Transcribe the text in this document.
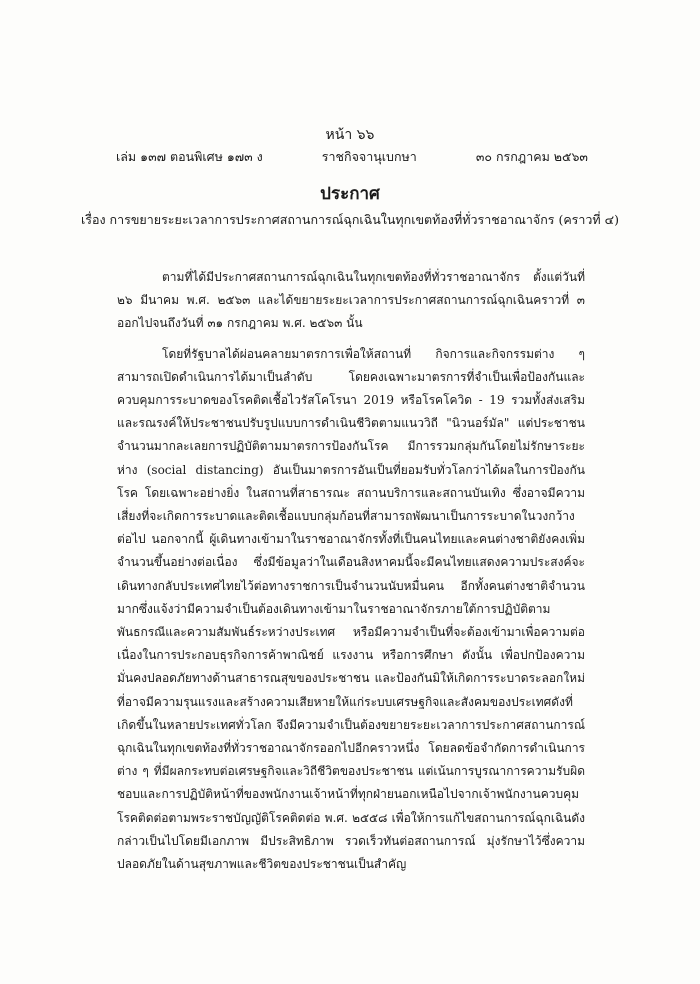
หน้า ๖๖
เล่ม ๑๓๗ ตอนพิเศษ ๑๗๓ ง	ราชกิจจานุเบกษา	๓๐ กรกฎาคม ๒๕๖๓
ประกาศ
เรื่อง การขยายระยะเวลาการประกาศสถานการณ์ฉุกเฉินในทุกเขตท้องที่ทั่วราชอาณาจักร (คราวที่ ๔)

ตามที่ได้มีประกาศสถานการณ์ฉุกเฉินในทุกเขตท้องที่ทั่วราชอาณาจักร ตั้งแต่วันที่ ๒๖ มีนาคม พ.ศ. ๒๕๖๓ และได้ขยายระยะเวลาการประกาศสถานการณ์ฉุกเฉินคราวที่ ๓ ออกไปจนถึงวันที่ ๓๑ กรกฎาคม พ.ศ. ๒๕๖๓ นั้น

โดยที่รัฐบาลได้ผ่อนคลายมาตรการเพื่อให้สถานที่ กิจการและกิจกรรมต่าง ๆ สามารถเปิดดำเนินการได้มาเป็นลำดับ โดยคงเฉพาะมาตรการที่จำเป็นเพื่อป้องกันและควบคุมการระบาดของโรคติดเชื้อไวรัสโคโรนา 2019 หรือโรคโควิด - 19 รวมทั้งส่งเสริมและรณรงค์ให้ประชาชนปรับรูปแบบการดำเนินชีวิตตามแนววิถี "นิวนอร์มัล" แต่ประชาชนจำนวนมากละเลยการปฏิบัติตามมาตรการป้องกันโรค มีการรวมกลุ่มกันโดยไม่รักษาระยะห่าง (social distancing) อันเป็นมาตรการอันเป็นที่ยอมรับทั่วโลกว่าได้ผลในการป้องกันโรค โดยเฉพาะอย่างยิ่ง ในสถานที่สาธารณะ สถานบริการและสถานบันเทิง ซึ่งอาจมีความเสี่ยงที่จะเกิดการระบาดและติดเชื้อแบบกลุ่มก้อนที่สามารถพัฒนาเป็นการระบาดในวงกว้างต่อไป นอกจากนี้ ผู้เดินทางเข้ามาในราชอาณาจักรทั้งที่เป็นคนไทยและคนต่างชาติยังคงเพิ่มจำนวนขึ้นอย่างต่อเนื่อง ซึ่งมีข้อมูลว่าในเดือนสิงหาคมนี้จะมีคนไทยแสดงความประสงค์จะเดินทางกลับประเทศไทยไว้ต่อทางราชการเป็นจำนวนนับหมื่นคน อีกทั้งคนต่างชาติจำนวนมากซึ่งแจ้งว่ามีความจำเป็นต้องเดินทางเข้ามาในราชอาณาจักรภายใต้การปฏิบัติตามพันธกรณีและความสัมพันธ์ระหว่างประเทศ หรือมีความจำเป็นที่จะต้องเข้ามาเพื่อความต่อเนื่องในการประกอบธุรกิจการค้าพาณิชย์ แรงงาน หรือการศึกษา ดังนั้น เพื่อปกป้องความมั่นคงปลอดภัยทางด้านสาธารณสุขของประชาชน และป้องกันมิให้เกิดการระบาดระลอกใหม่ที่อาจมีความรุนแรงและสร้างความเสียหายให้แก่ระบบเศรษฐกิจและสังคมของประเทศดังที่เกิดขึ้นในหลายประเทศทั่วโลก จึงมีความจำเป็นต้องขยายระยะเวลาการประกาศสถานการณ์ฉุกเฉินในทุกเขตท้องที่ทั่วราชอาณาจักรออกไปอีกคราวหนึ่ง โดยลดข้อจำกัดการดำเนินการต่าง ๆ ที่มีผลกระทบต่อเศรษฐกิจและวิถีชีวิตของประชาชน แต่เน้นการบูรณาการความรับผิดชอบและการปฏิบัติหน้าที่ของพนักงานเจ้าหน้าที่ทุกฝ่ายนอกเหนือไปจากเจ้าพนักงานควบคุมโรคติดต่อตามพระราชบัญญัติโรคติดต่อ พ.ศ. ๒๕๕๘ เพื่อให้การแก้ไขสถานการณ์ฉุกเฉินดังกล่าวเป็นไปโดยมีเอกภาพ มีประสิทธิภาพ รวดเร็วทันต่อสถานการณ์ มุ่งรักษาไว้ซึ่งความปลอดภัยในด้านสุขภาพและชีวิตของประชาชนเป็นสำคัญ
